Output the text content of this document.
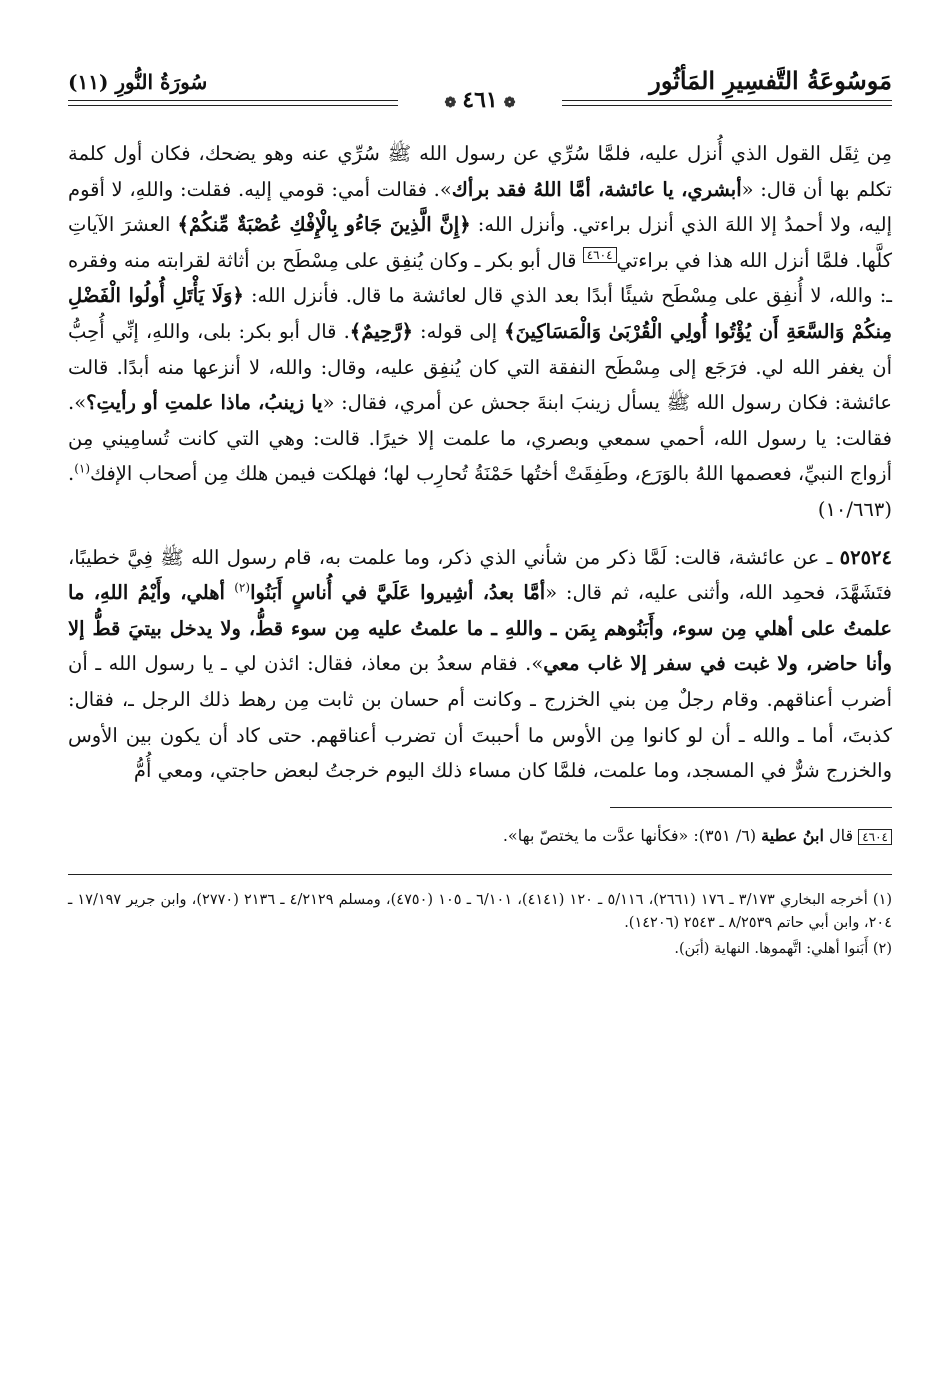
مَوسُوعَةُ التَّفسِيرِ المَأثُور
سُورَةُ النُّورِ (١١)
❁٤٦١❁

مِن ثِقَل القول الذي أُنزل عليه، فلمَّا سُرِّي عن رسول الله ﷺ سُرِّي عنه وهو يضحك، فكان أول كلمة تكلم بها أن قال: «أبشري، يا عائشة، أمَّا اللهُ فقد برأك». فقالت أمي: قومي إليه. فقلت: واللهِ، لا أقوم إليه، ولا أحمدُ إلا اللهَ الذي أنزل براءتي. وأنزل الله: ﴿إِنَّ الَّذِينَ جَاءُو بِالْإِفْكِ عُصْبَةٌ مِّنكُمْ﴾ العشرَ الآياتِ كلَّها. فلمَّا أنزل الله هذا في براءتي٤٦٠٤ قال أبو بكر ـ وكان يُنفِق على مِسْطَح بن أثاثة لقرابته منه وفقره ـ: والله، لا أُنفِق على مِسْطَح شيئًا أبدًا بعد الذي قال لعائشة ما قال. فأنزل الله: ﴿وَلَا يَأْتَلِ أُولُوا الْفَضْلِ مِنكُمْ وَالسَّعَةِ أَن يُؤْتُوا أُولِي الْقُرْبَىٰ وَالْمَسَاكِينَ﴾ إلى قوله: ﴿رَّحِيمٌ﴾. قال أبو بكر: بلى، واللهِ، إنِّي أُحِبُّ أن يغفر الله لي. فرَجَع إلى مِسْطَح النفقة التي كان يُنفِق عليه، وقال: والله، لا أنزعها منه أبدًا. قالت عائشة: فكان رسول الله ﷺ يسأل زينبَ ابنةَ جحش عن أمري، فقال: «يا زينبُ، ماذا علمتِ أو رأيتِ؟». فقالت: يا رسول الله، أحمي سمعي وبصري، ما علمت إلا خيرًا. قالت: وهي التي كانت تُسامِيني مِن أزواج النبيِّ، فعصمها اللهُ بالوَرَع، وطَفِقَتْ أختُها حَمْنَةُ تُحارِب لها؛ فهلكت فيمن هلك مِن أصحاب الإفك$^{(١)}$. (١٠/٦٦٣)

٥٢٥٢٤ ـ عن عائشة، قالت: لَمَّا ذكر من شأني الذي ذكر، وما علمت به، قام رسول الله ﷺ فِيَّ خطيبًا، فتَشَهَّدَ، فحمِد الله، وأثنى عليه، ثم قال: «أمَّا بعدُ، أشِيروا عَلَيَّ في أُناسٍ أَبَنُوا$^{(٢)}$ أهلي، وأَيْمُ اللهِ، ما علمتُ على أهلي مِن سوء، وأَبَنُوهم بِمَن ـ واللهِ ـ ما علمتُ عليه مِن سوء قطُّ، ولا يدخل بيتيَ قطُّ إلا وأنا حاضر، ولا غبت في سفر إلا غاب معي». فقام سعدُ بن معاذ، فقال: ائذن لي ـ يا رسول الله ـ أن أضرب أعناقهم. وقام رجلٌ مِن بني الخزرج ـ وكانت أم حسان بن ثابت مِن رهط ذلك الرجل ـ، فقال: كذبتَ، أما ـ والله ـ أن لو كانوا مِن الأوس ما أحببتَ أن تضرب أعناقهم. حتى كاد أن يكون بين الأوس والخزرج شرٌّ في المسجد، وما علمت، فلمَّا كان مساء ذلك اليوم خرجتُ لبعض حاجتي، ومعي أُمُّ

٤٦٠٤ قال ابنُ عطية (٦/ ٣٥١): «فكأنها عدَّت ما يختصّ بها».

(١) أخرجه البخاري ٣/١٧٣ ـ ١٧٦ (٢٦٦١)، ٥/١١٦ ـ ١٢٠ (٤١٤١)، ٦/١٠١ ـ ١٠٥ (٤٧٥٠)، ومسلم ٤/٢١٢٩ ـ ٢١٣٦ (٢٧٧٠)، وابن جرير ١٧/١٩٧ ـ ٢٠٤، وابن أبي حاتم ٨/٢٥٣٩ ـ ٢٥٤٣ (١٤٢٠٦).

(٢) أَبَنوا أهلي: اتَّهموها. النهاية (أبَن).
